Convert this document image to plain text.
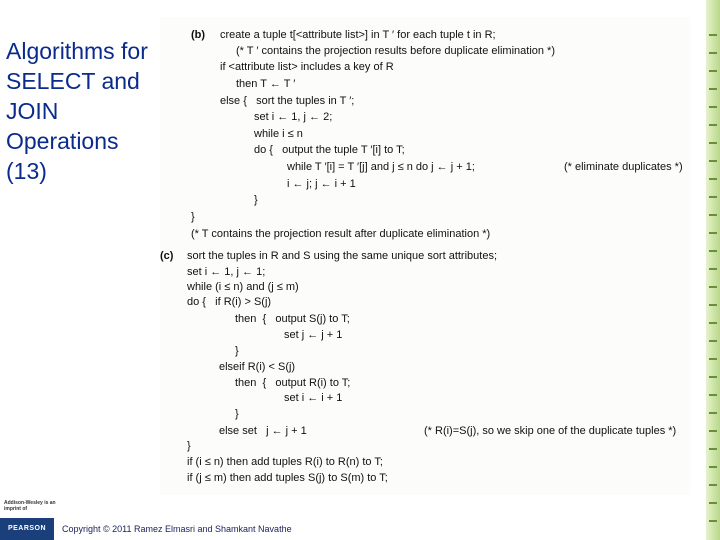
Algorithms for
SELECT and
JOIN
Operations
(13)
(b) create a tuple t[<attribute list>] in T ′ for each tuple t in R;
(* T ′ contains the projection results before duplicate elimination *)
if <attribute list> includes a key of R
then T ← T ′
else {   sort the tuples in T ′;
set i ← 1, j ← 2;
while i ≤ n
do {   output the tuple T ′[i] to T;
while T ′[i] = T ′[j] and j ≤ n do j ← j + 1;	(* eliminate duplicates *)
i ← j; j ← i + 1
}
}
(* T contains the projection result after duplicate elimination *)
(c) sort the tuples in R and S using the same unique sort attributes;
set i ← 1, j ← 1;
while (i ≤ n) and (j ≤ m)
do {   if R(i) > S(j)
then  {   output S(j) to T;
set j ← j + 1
}
elseif R(i) < S(j)
then  {   output R(i) to T;
set i ← i + 1
}
else set   j ← j + 1	(* R(i)=S(j), so we skip one of the duplicate tuples *)
}
if (i ≤ n) then add tuples R(i) to R(n) to T;
if (j ≤ m) then add tuples S(j) to S(m) to T;
Addison-Wesley is an imprint of
PEARSON	Copyright © 2011 Ramez Elmasri and Shamkant Navathe
